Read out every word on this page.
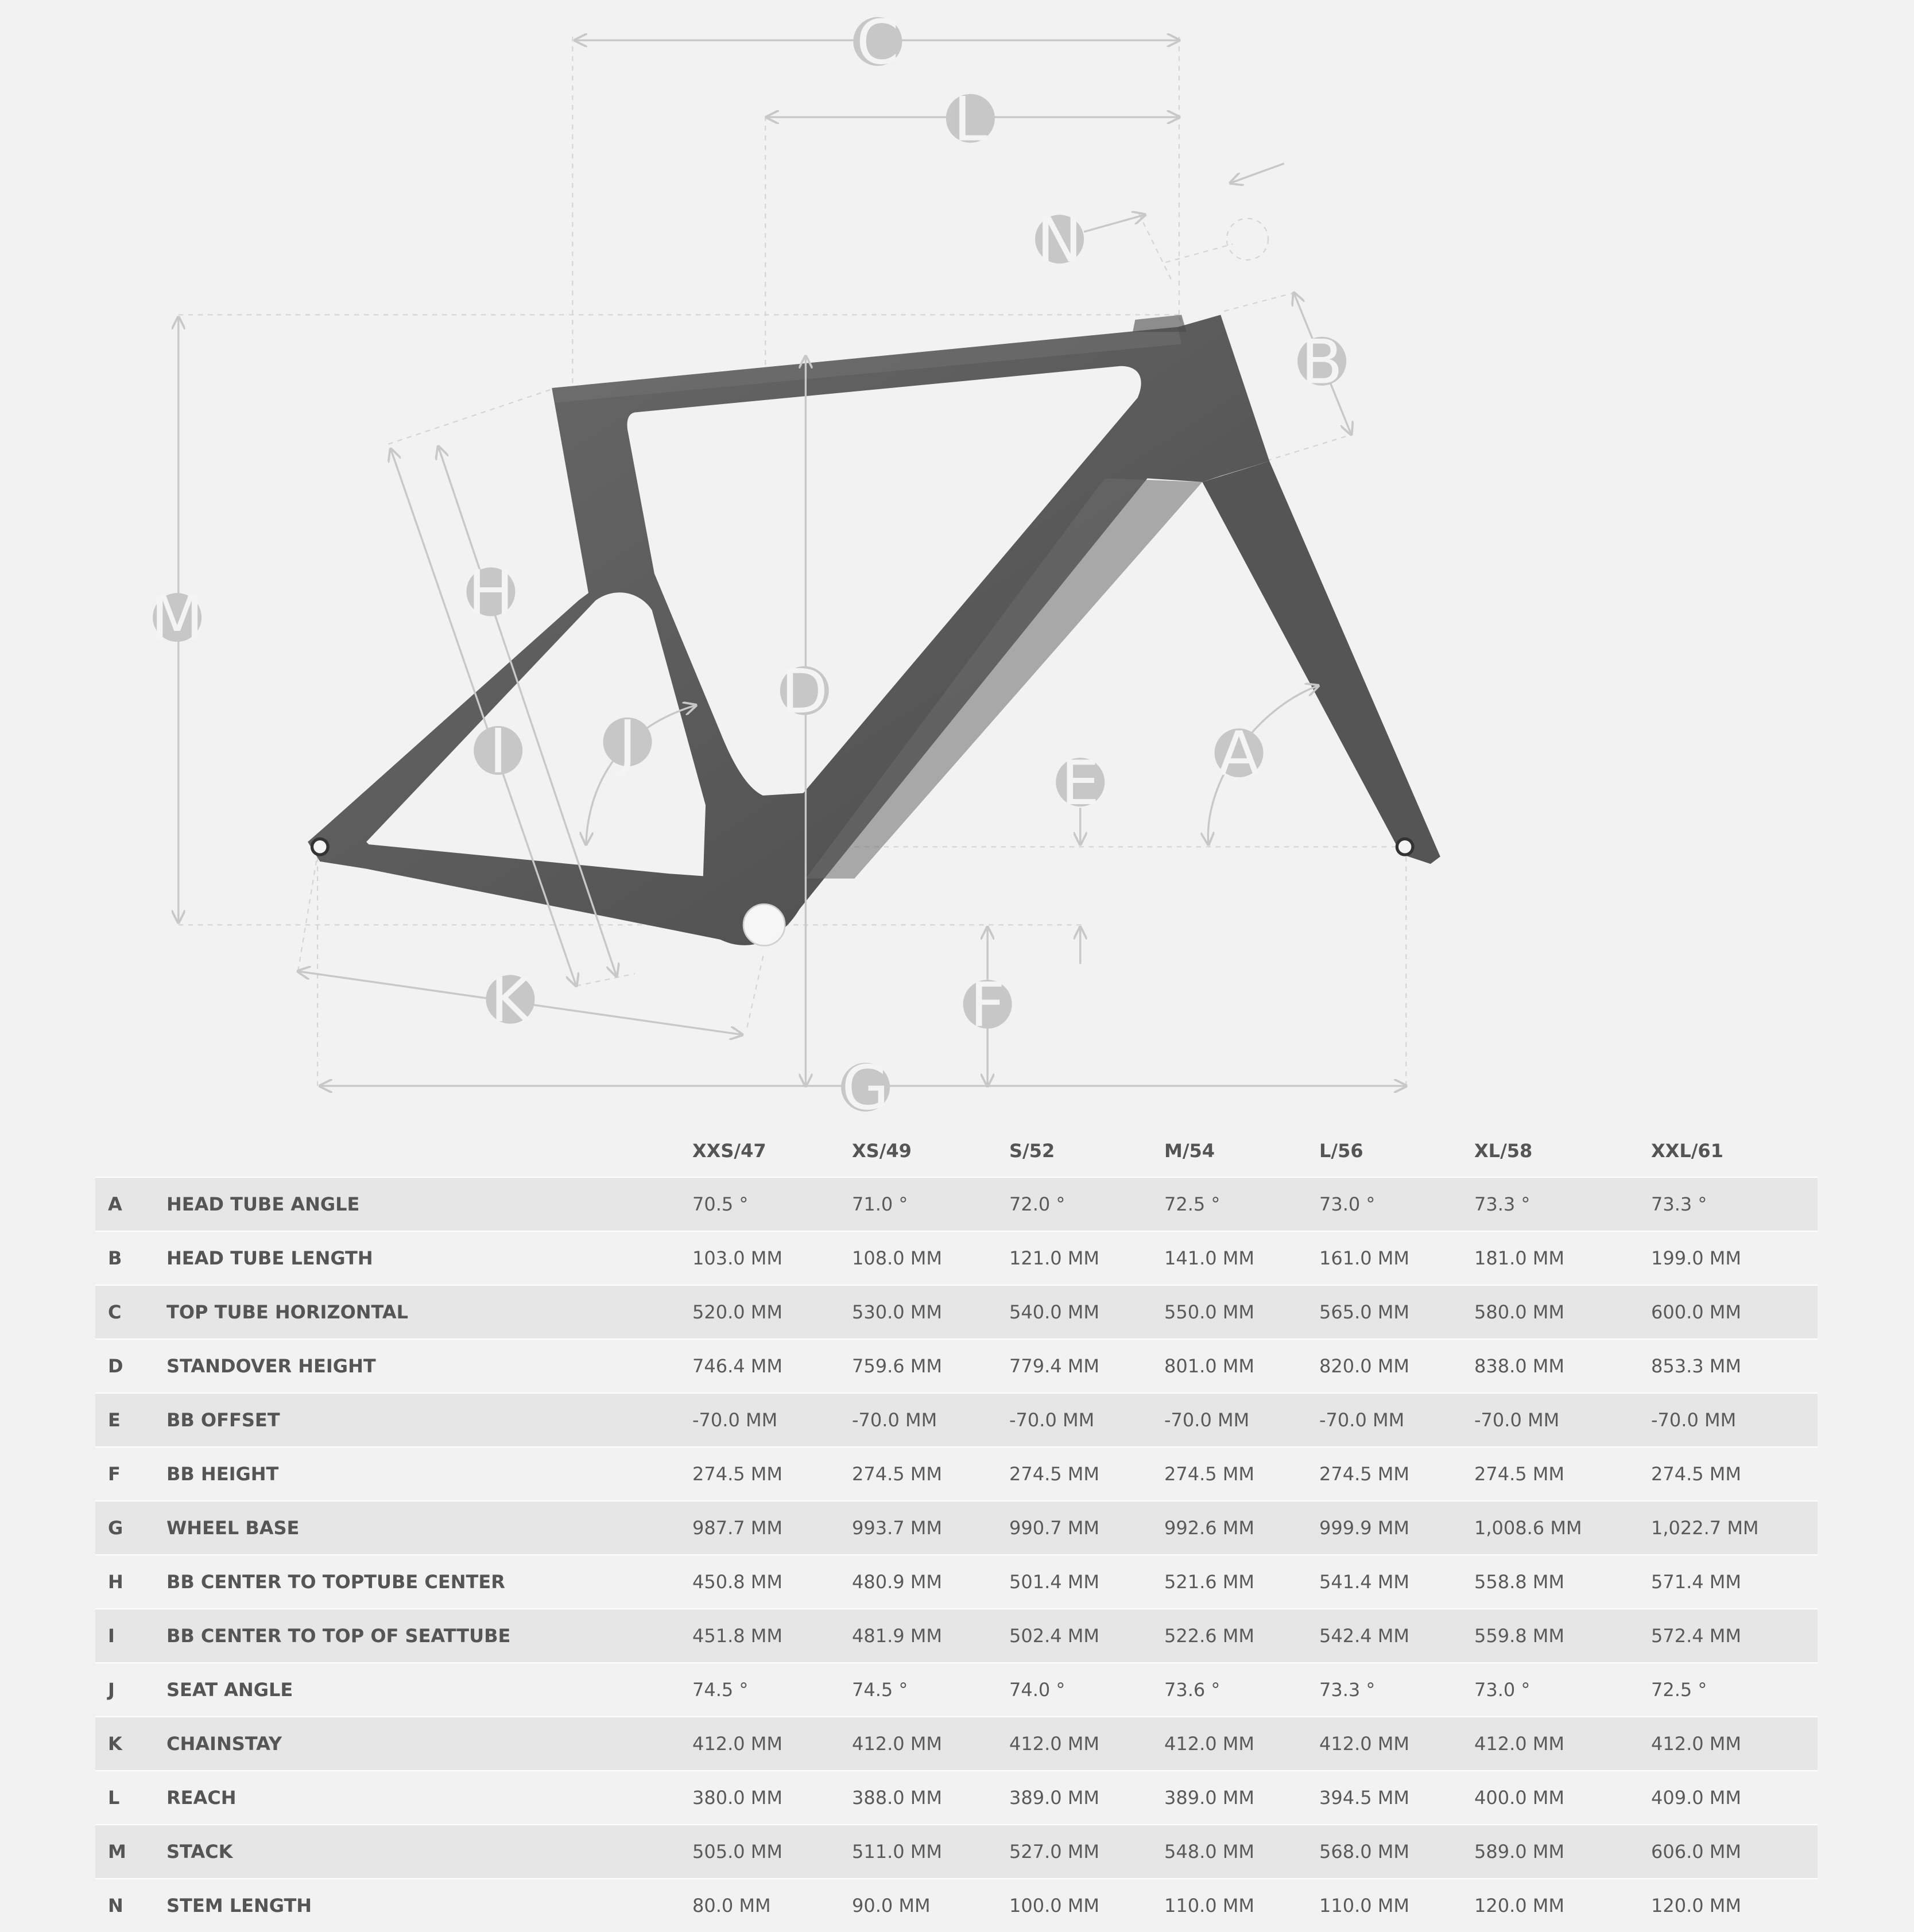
C
L
N
B
M	H
D
J
I	A
E
K	F
G
		XXS/47	XS/49	S/52	M/54	L/56	XL/58	XXL/61
A	HEAD TUBE ANGLE	70.5 °	71.0 °	72.0 °	72.5 °	73.0 °	73.3 °	73.3 °
B	HEAD TUBE LENGTH	103.0 MM	108.0 MM	121.0 MM	141.0 MM	161.0 MM	181.0 MM	199.0 MM
C	TOP TUBE HORIZONTAL	520.0 MM	530.0 MM	540.0 MM	550.0 MM	565.0 MM	580.0 MM	600.0 MM
D	STANDOVER HEIGHT	746.4 MM	759.6 MM	779.4 MM	801.0 MM	820.0 MM	838.0 MM	853.3 MM
E	BB OFFSET	-70.0 MM	-70.0 MM	-70.0 MM	-70.0 MM	-70.0 MM	-70.0 MM	-70.0 MM
F	BB HEIGHT	274.5 MM	274.5 MM	274.5 MM	274.5 MM	274.5 MM	274.5 MM	274.5 MM
G	WHEEL BASE	987.7 MM	993.7 MM	990.7 MM	992.6 MM	999.9 MM	1,008.6 MM	1,022.7 MM
H	BB CENTER TO TOPTUBE CENTER	450.8 MM	480.9 MM	501.4 MM	521.6 MM	541.4 MM	558.8 MM	571.4 MM
I	BB CENTER TO TOP OF SEATTUBE	451.8 MM	481.9 MM	502.4 MM	522.6 MM	542.4 MM	559.8 MM	572.4 MM
J	SEAT ANGLE	74.5 °	74.5 °	74.0 °	73.6 °	73.3 °	73.0 °	72.5 °
K	CHAINSTAY	412.0 MM	412.0 MM	412.0 MM	412.0 MM	412.0 MM	412.0 MM	412.0 MM
L	REACH	380.0 MM	388.0 MM	389.0 MM	389.0 MM	394.5 MM	400.0 MM	409.0 MM
M	STACK	505.0 MM	511.0 MM	527.0 MM	548.0 MM	568.0 MM	589.0 MM	606.0 MM
N	STEM LENGTH	80.0 MM	90.0 MM	100.0 MM	110.0 MM	110.0 MM	120.0 MM	120.0 MM
